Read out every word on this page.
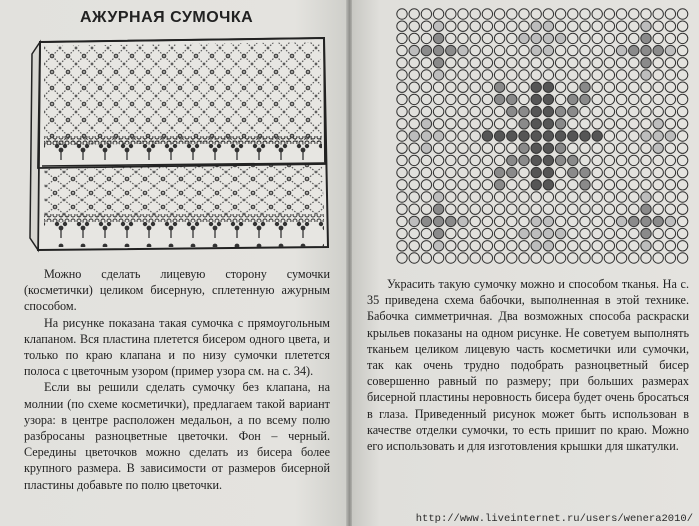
АЖУРНАЯ СУМОЧКА

Можно сделать лицевую сторону сумочки (косметички) целиком бисерную, сплетенную ажурным способом.

На рисунке показана такая сумочка с прямоугольным клапаном. Вся пластина плетется бисером одного цвета, и только по краю клапана и по низу сумочки плетется полоса с цветочным узором (пример узора см. на с. 34).

Если вы решили сделать сумочку без клапана, на молнии (по схеме косметички), предлагаем такой вариант узора: в центре расположен медальон, а по всему полю разбросаны разноцветные цветочки. Фон – черный. Середины цветочков можно сделать из бисера более крупного размера. В зависимости от размеров бисерной пластины добавьте по полю цветочки.

Украсить такую сумочку можно и способом тканья. На с. 35 приведена схема бабочки, выполненная в этой технике. Бабочка симметричная. Два возможных способа раскраски крыльев показаны на одном рисунке. Не советуем выполнять тканьем целиком лицевую часть косметички или сумочки, так как очень трудно подобрать разноцветный бисер совершенно равный по размеру; при больших размерах бисерной пластины неровность бисера будет очень бросаться в глаза. Приведенный рисунок может быть использован в качестве отделки сумочки, то есть пришит по краю. Можно его использовать и для изготовления крышки для шкатулки.

http://www.liveinternet.ru/users/wenera2010/
